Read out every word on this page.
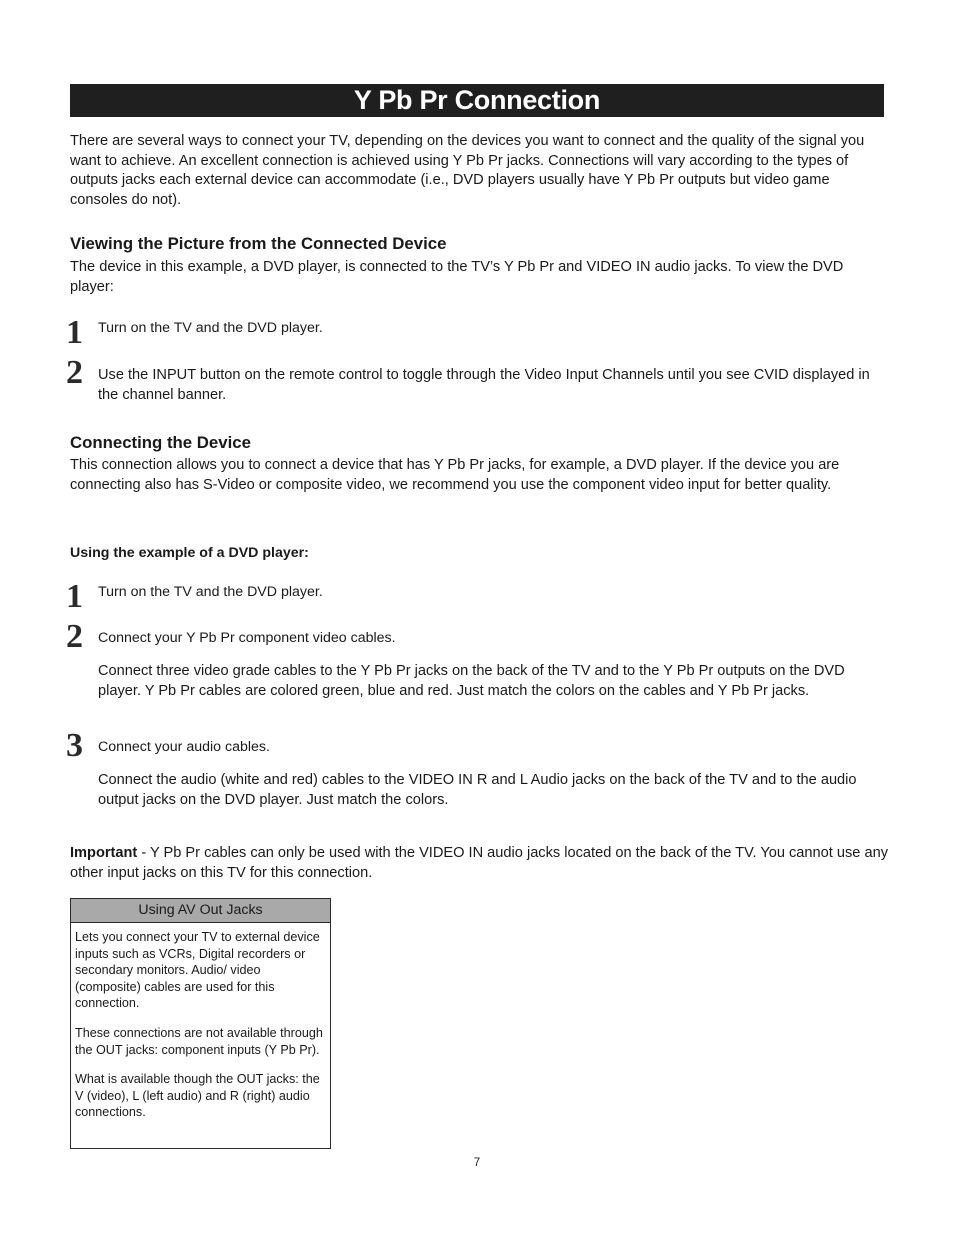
Y Pb Pr Connection

There are several ways to connect your TV, depending on the devices you want to connect and the quality of the signal you want to achieve. An excellent connection is achieved using Y Pb Pr jacks. Connections will vary according to the types of outputs jacks each external device can accommodate (i.e., DVD players usually have Y Pb Pr outputs but video game consoles do not).

Viewing the Picture from the Connected Device

The device in this example, a DVD player, is connected to the TV’s Y Pb Pr and VIDEO IN audio jacks. To view the DVD player:

1 Turn on the TV and the DVD player.

2 Use the INPUT button on the remote control to toggle through the Video Input Channels until you see CVID displayed in the channel banner.

Connecting the Device

This connection allows you to connect a device that has Y Pb Pr jacks, for example, a DVD player. If the device you are connecting also has S-Video or composite video, we recommend you use the component video input for better quality.

Using the example of a DVD player:
1 Turn on the TV and the DVD player.

2 Connect your Y Pb Pr component video cables.

Connect three video grade cables to the Y Pb Pr jacks on the back of the TV and to the Y Pb Pr outputs on the DVD player. Y Pb Pr cables are colored green, blue and red. Just match the colors on the cables and Y Pb Pr jacks.

3 Connect your audio cables.

Connect the audio (white and red) cables to the VIDEO IN R and L Audio jacks on the back of the TV and to the audio output jacks on the DVD player. Just match the colors.

Important - Y Pb Pr cables can only be used with the VIDEO IN audio jacks located on the back of the TV. You cannot use any other input jacks on this TV for this connection.

Using AV Out Jacks

Lets you connect your TV to external device inputs such as VCRs, Digital recorders or secondary monitors. Audio/ video (composite) cables are used for this connection.

These connections are not available through the OUT jacks: component inputs (Y Pb Pr).

What is available though the OUT jacks: the V (video), L (left audio) and R (right) audio connections.

7
